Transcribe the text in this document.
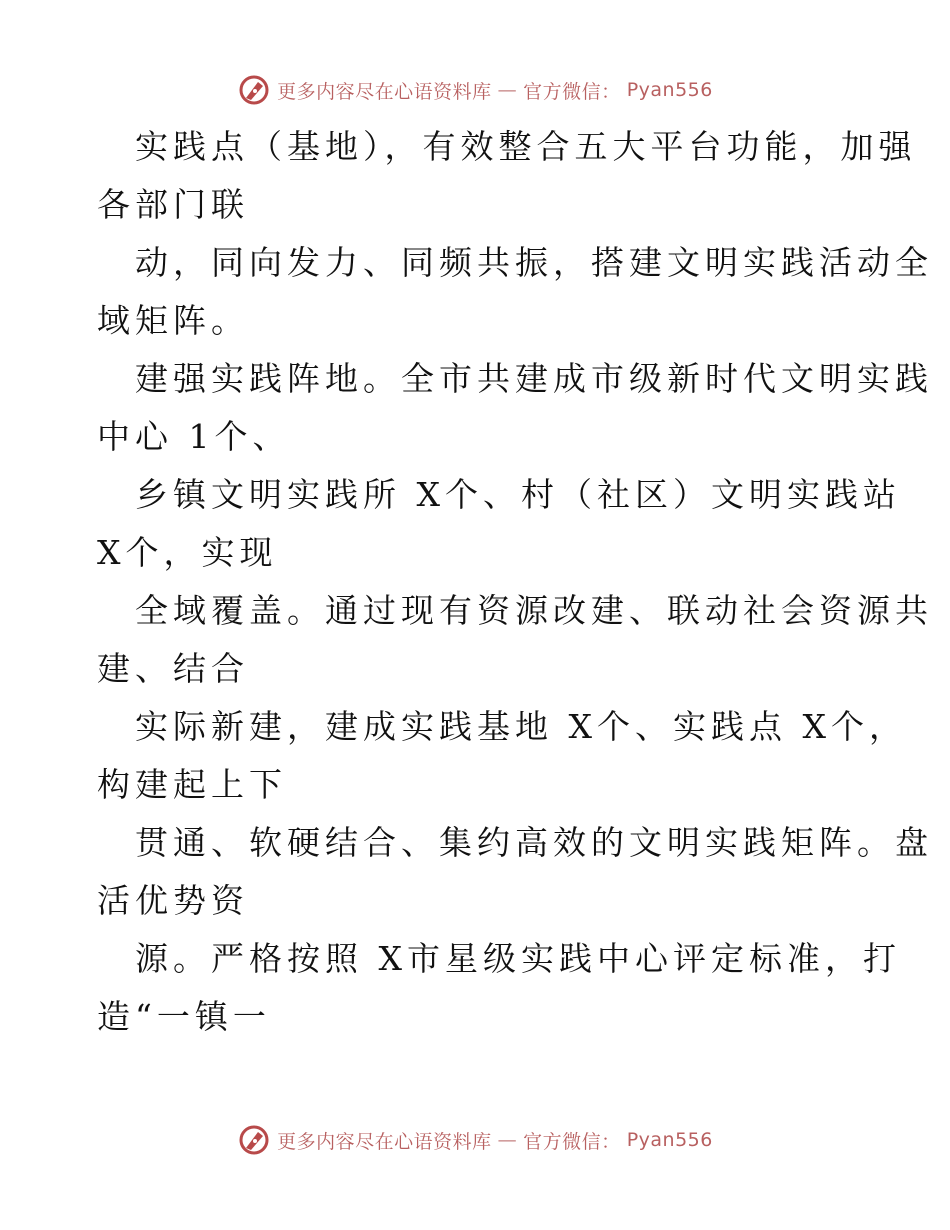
更多内容尽在心语资料库 — 官方微信： Pyan556
实践点（基地），有效整合五大平台功能，加强
各部门联
动，同向发力、同频共振，搭建文明实践活动全
域矩阵。
建强实践阵地。全市共建成市级新时代文明实践
中心 1个、
乡镇文明实践所 X个、村（社区）文明实践站
X个，实现
全域覆盖。通过现有资源改建、联动社会资源共
建、结合
实际新建，建成实践基地 X个、实践点 X个，
构建起上下
贯通、软硬结合、集约高效的文明实践矩阵。盘
活优势资
源。严格按照 X市星级实践中心评定标准，打
造“一镇一
更多内容尽在心语资料库 — 官方微信： Pyan556
